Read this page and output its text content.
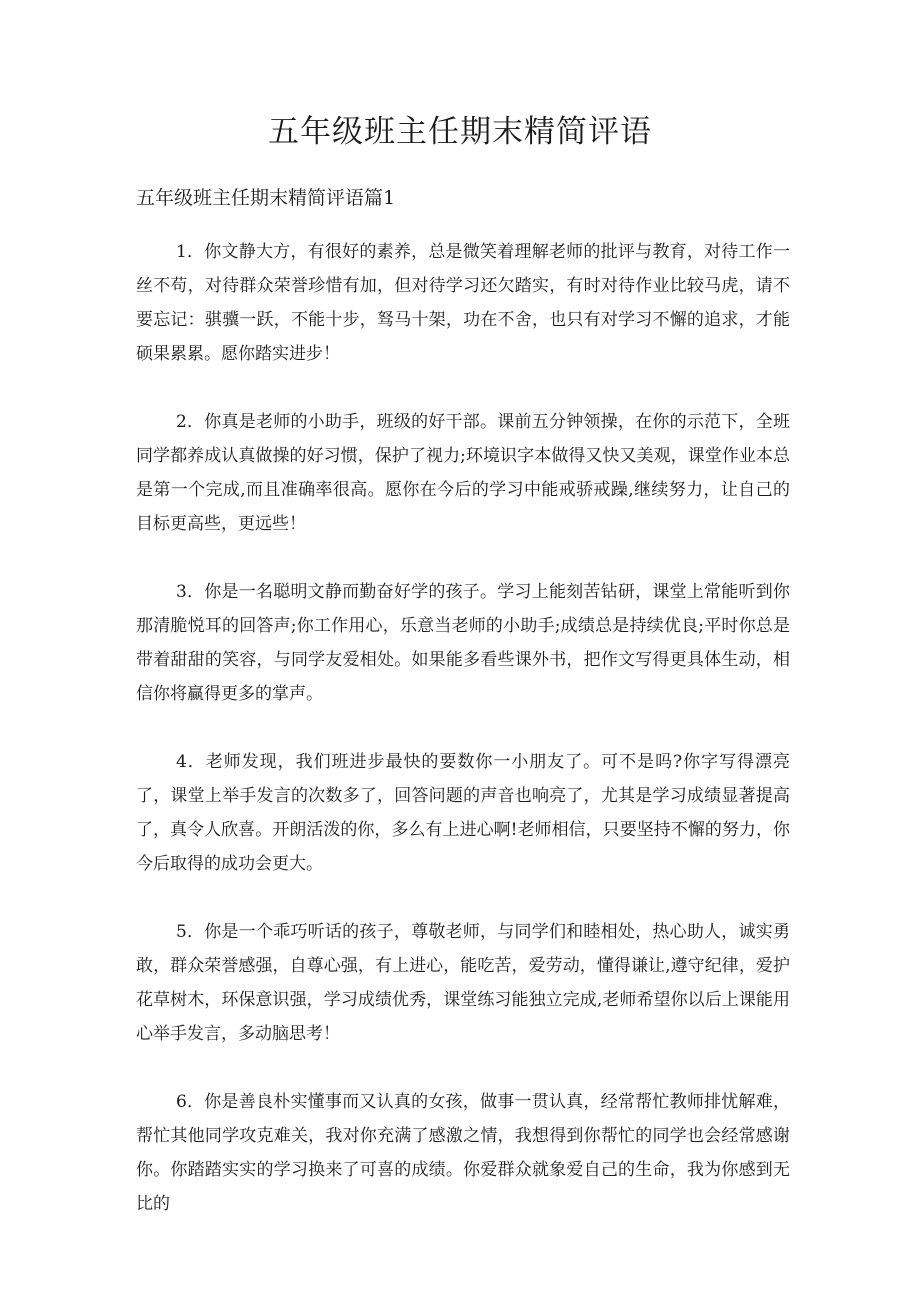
五年级班主任期末精简评语
五年级班主任期末精简评语篇1

1．你文静大方，有很好的素养，总是微笑着理解老师的批评与教育，对待工作一丝不苟，对待群众荣誉珍惜有加，但对待学习还欠踏实，有时对待作业比较马虎，请不要忘记：骐骥一跃，不能十步，驽马十架，功在不舍，也只有对学习不懈的追求，才能硕果累累。愿你踏实进步！

2．你真是老师的小助手，班级的好干部。课前五分钟领操，在你的示范下，全班同学都养成认真做操的好习惯，保护了视力;环境识字本做得又快又美观，课堂作业本总是第一个完成,而且准确率很高。愿你在今后的学习中能戒骄戒躁,继续努力，让自己的目标更高些，更远些！

3．你是一名聪明文静而勤奋好学的孩子。学习上能刻苦钻研，课堂上常能听到你那清脆悦耳的回答声;你工作用心，乐意当老师的小助手;成绩总是持续优良;平时你总是带着甜甜的笑容，与同学友爱相处。如果能多看些课外书，把作文写得更具体生动，相信你将赢得更多的掌声。

4．老师发现，我们班进步最快的要数你一小朋友了。可不是吗?你字写得漂亮了，课堂上举手发言的次数多了，回答问题的声音也响亮了，尤其是学习成绩显著提高了，真令人欣喜。开朗活泼的你，多么有上进心啊!老师相信，只要坚持不懈的努力，你今后取得的成功会更大。

5．你是一个乖巧听话的孩子，尊敬老师，与同学们和睦相处，热心助人，诚实勇敢，群众荣誉感强，自尊心强，有上进心，能吃苦，爱劳动，懂得谦让,遵守纪律，爱护花草树木，环保意识强，学习成绩优秀，课堂练习能独立完成,老师希望你以后上课能用心举手发言，多动脑思考！

6．你是善良朴实懂事而又认真的女孩，做事一贯认真，经常帮忙教师排忧解难，帮忙其他同学攻克难关，我对你充满了感激之情，我想得到你帮忙的同学也会经常感谢你。你踏踏实实的学习换来了可喜的成绩。你爱群众就象爱自己的生命，我为你感到无比的
